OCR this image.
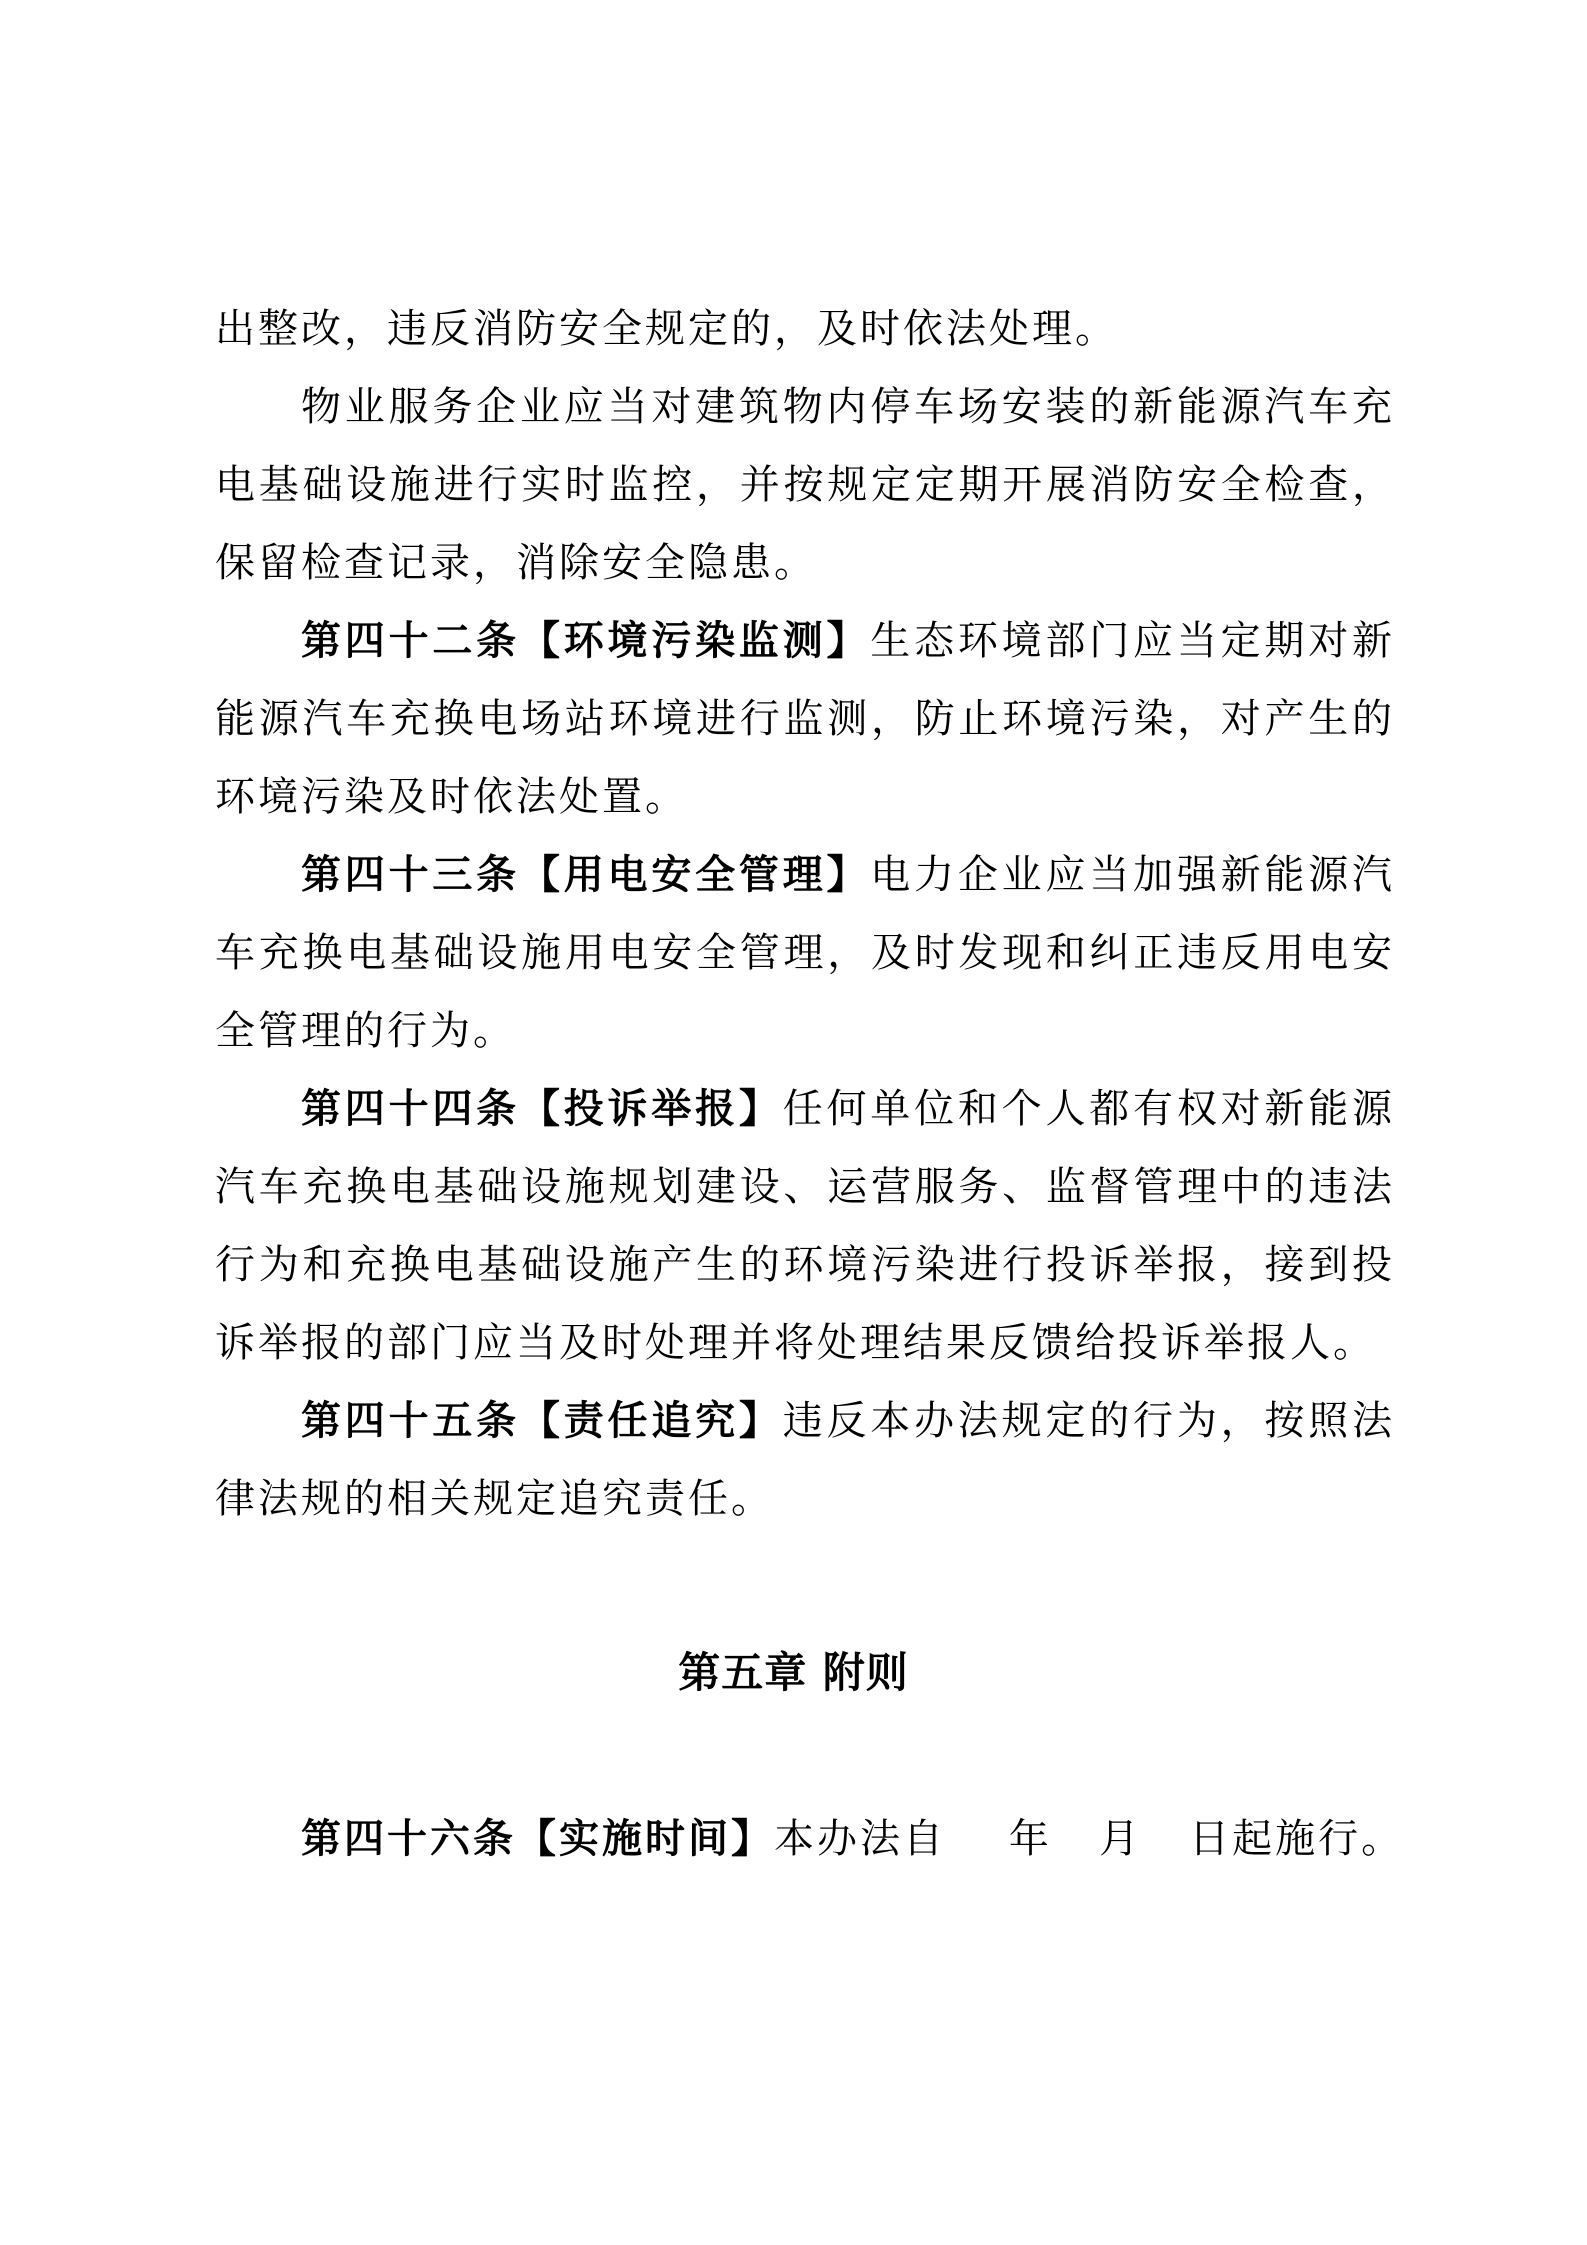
出整改，违反消防安全规定的，及时依法处理。

物业服务企业应当对建筑物内停车场安装的新能源汽车充电基础设施进行实时监控，并按规定定期开展消防安全检查，保留检查记录，消除安全隐患。

第四十二条【环境污染监测】生态环境部门应当定期对新能源汽车充换电场站环境进行监测，防止环境污染，对产生的环境污染及时依法处置。

第四十三条【用电安全管理】电力企业应当加强新能源汽车充换电基础设施用电安全管理，及时发现和纠正违反用电安全管理的行为。

第四十四条【投诉举报】任何单位和个人都有权对新能源汽车充换电基础设施规划建设、运营服务、监督管理中的违法行为和充换电基础设施产生的环境污染进行投诉举报，接到投诉举报的部门应当及时处理并将处理结果反馈给投诉举报人。

第四十五条【责任追究】违反本办法规定的行为，按照法律法规的相关规定追究责任。

第五章 附则
第四十六条【实施时间】本办法自    年   月   日起施行。
